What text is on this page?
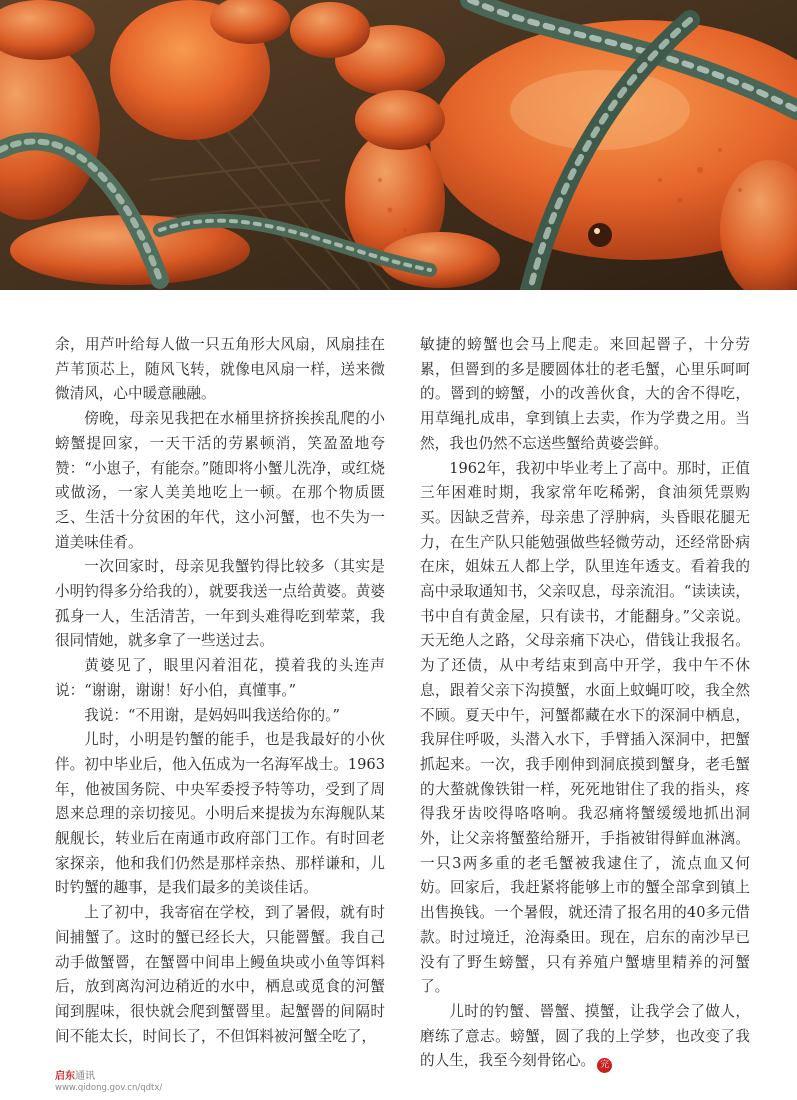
余，用芦叶给每人做一只五角形大风扇，风扇挂在芦苇顶芯上，随风飞转，就像电风扇一样，送来微微清风，心中暖意融融。

傍晚，母亲见我把在水桶里挤挤挨挨乱爬的小螃蟹提回家，一天干活的劳累顿消，笑盈盈地夸赞：“小崽子，有能奈。”随即将小蟹儿洗净，或红烧或做汤，一家人美美地吃上一顿。在那个物质匮乏、生活十分贫困的年代，这小河蟹，也不失为一道美味佳肴。

一次回家时，母亲见我蟹钓得比较多（其实是小明钓得多分给我的），就要我送一点给黄婆。黄婆孤身一人，生活清苦，一年到头难得吃到荤菜，我很同情她，就多拿了一些送过去。

黄婆见了，眼里闪着泪花，摸着我的头连声说：“谢谢，谢谢！好小伯，真懂事。”

我说：“不用谢，是妈妈叫我送给你的。”

儿时，小明是钓蟹的能手，也是我最好的小伙伴。初中毕业后，他入伍成为一名海军战士。1963年，他被国务院、中央军委授予特等功，受到了周恩来总理的亲切接见。小明后来提拔为东海舰队某舰舰长，转业后在南通市政府部门工作。有时回老家探亲，他和我们仍然是那样亲热、那样谦和，儿时钓蟹的趣事，是我们最多的美谈佳话。

上了初中，我寄宿在学校，到了暑假，就有时间捕蟹了。这时的蟹已经长大，只能罾蟹。我自己动手做蟹罾，在蟹罾中间串上鳗鱼块或小鱼等饵料后，放到离沟河边稍近的水中，栖息或觅食的河蟹闻到腥味，很快就会爬到蟹罾里。起蟹罾的间隔时间不能太长，时间长了，不但饵料被河蟹全吃了，

敏捷的螃蟹也会马上爬走。来回起罾子，十分劳累，但罾到的多是腰圆体壮的老毛蟹，心里乐呵呵的。罾到的螃蟹，小的改善伙食，大的舍不得吃，用草绳扎成串，拿到镇上去卖，作为学费之用。当然，我也仍然不忘送些蟹给黄婆尝鲜。

1962年，我初中毕业考上了高中。那时，正值三年困难时期，我家常年吃稀粥，食油须凭票购买。因缺乏营养，母亲患了浮肿病，头昏眼花腿无力，在生产队只能勉强做些轻微劳动，还经常卧病在床，姐妹五人都上学，队里连年透支。看着我的高中录取通知书，父亲叹息，母亲流泪。“读读读，书中自有黄金屋，只有读书，才能翻身。”父亲说。天无绝人之路，父母亲痛下决心，借钱让我报名。为了还债，从中考结束到高中开学，我中午不休息，跟着父亲下沟摸蟹，水面上蚊蝇叮咬，我全然不顾。夏天中午，河蟹都藏在水下的深洞中栖息，我屏住呼吸，头潜入水下，手臂插入深洞中，把蟹抓起来。一次，我手刚伸到洞底摸到蟹身，老毛蟹的大螯就像铁钳一样，死死地钳住了我的指头，疼得我牙齿咬得咯咯响。我忍痛将蟹缓缓地抓出洞外，让父亲将蟹螯给掰开，手指被钳得鲜血淋漓。一只3两多重的老毛蟹被我逮住了，流点血又何妨。回家后，我赶紧将能够上市的蟹全部拿到镇上出售换钱。一个暑假，就还清了报名用的40多元借款。时过境迁，沧海桑田。现在，启东的南沙早已没有了野生螃蟹，只有养殖户蟹塘里精养的河蟹了。

儿时的钓蟹、罾蟹、摸蟹，让我学会了做人，磨练了意志。螃蟹，圆了我的上学梦，也改变了我的人生，我至今刻骨铭心。 完

启东通讯
www.qidong.gov.cn/qdtx/
